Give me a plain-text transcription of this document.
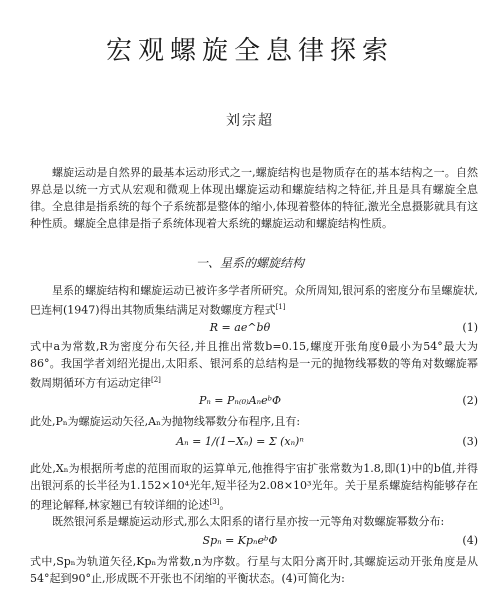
宏观螺旋全息律探索
刘宗超

螺旋运动是自然界的最基本运动形式之一,螺旋结构也是物质存在的基本结构之一。自然界总是以统一方式从宏观和微观上体现出螺旋运动和螺旋结构之特征,并且是具有螺旋全息律。全息律是指系统的每个子系统都是整体的缩小,体现着整体的特征,激光全息摄影就具有这种性质。螺旋全息律是指子系统体现着大系统的螺旋运动和螺旋结构性质。

一、星系的螺旋结构

星系的螺旋结构和螺旋运动已被许多学者所研究。众所周知,银河系的密度分布呈螺旋状,巴连柯(1947)得出其物质集结满足对数螺度方程式[1]

R = ae^bθ	(1)

式中a为常数,R为密度分布矢径,并且推出常数b=0.15,螺度开张角度θ最小为54°最大为86°。我国学者刘绍光提出,太阳系、银河系的总结构是一元的抛物线幂数的等角对数螺旋幂数周期循环方有运动定律[2]

Pₙ = Pₙ₍₀₎AₙeᵇΦ	(2)
此处,Pₙ为螺旋运动矢径,Aₙ为抛物线幂数分布程序,且有:
Aₙ = 1/(1−Xₙ) = Σ (xₙ)ⁿ	(3)

此处,Xₙ为根据所考虑的范围而取的运算单元,他推得宇宙扩张常数为1.8,即(1)中的b值,并得出银河系的长半径为1.152×10⁴光年,短半径为2.08×10³光年。关于星系螺旋结构能够存在的理论解释,林家翘已有较详细的论述[3]。

既然银河系是螺旋运动形式,那么太阳系的诸行星亦按一元等角对数螺旋幂数分布:
Spₙ = KpₙeᵇΦ	(4)

式中,Spₙ为轨道矢径,Kpₙ为常数,n为序数。行星与太阳分离开时,其螺旋运动开张角度是从54°起到90°止,形成既不开张也不闭缩的平衡状态。(4)可简化为:
